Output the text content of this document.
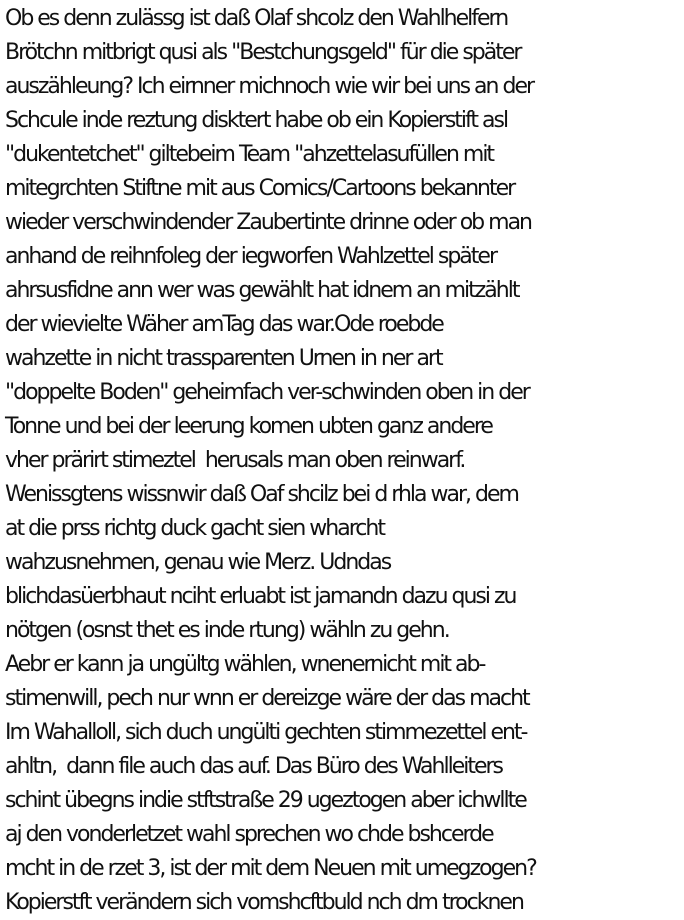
Ob es denn zulässg ist daß Olaf shcolz den Wahlhelfern
Brötchn mitbrigt qusi als "Bestchungsgeld" für die später
auszähleung? Ich eirnner michnoch wie wir bei uns an der
Schcule inde reztung disktert habe ob ein Kopierstift asl
"dukentetchet" giltebeim Team "ahzettelasufüllen mit
mitegrchten Stiftne mit aus Comics/Cartoons bekannter
wieder verschwindender Zaubertinte drinne oder ob man
anhand de reihnfoleg der iegworfen Wahlzettel später
ahrsusfidne ann wer was gewählt hat idnem an mitzählt
der wievielte Wäher amTag das war.Ode roebde
wahzette in nicht trassparenten Urnen in ner art
"doppelte Boden" geheimfach ver-schwinden oben in der
Tonne und bei der leerung komen ubten ganz andere
vher prärirt stimeztel  herusals man oben reinwarf.
Wenissgtens wissnwir daß Oaf shcilz bei d rhla war, dem
at die prss richtg duck gacht sien wharcht
wahzusnehmen, genau wie Merz. Udndas
blichdasüerbhaut nciht erluabt ist jamandn dazu qusi zu
nötgen (osnst thet es inde rtung) wähln zu gehn.
Aebr er kann ja ungültg wählen, wnenernicht mit ab-
stimenwill, pech nur wnn er dereizge wäre der das macht
Im Wahalloll, sich duch ungülti gechten stimmezettel ent-
ahltn,  dann file auch das auf. Das Büro des Wahlleiters
schint übegns indie stftstraße 29 ugeztogen aber ichwllte
aj den vonderletzet wahl sprechen wo chde bshcerde
mcht in de rzet 3, ist der mit dem Neuen mit umegzogen?
Kopierstft verändern sich vomshcftbuld nch dm trocknen
